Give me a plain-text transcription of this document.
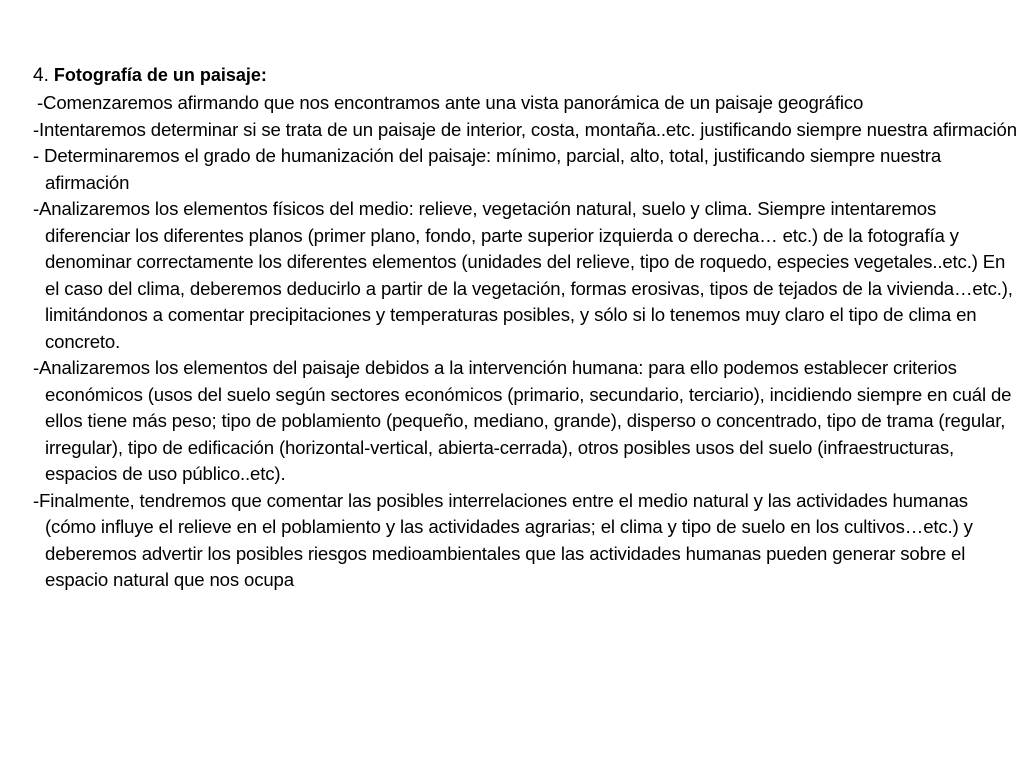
4. Fotografía de un paisaje:

-Comenzaremos afirmando que nos encontramos ante una vista panorámica de un paisaje geográfico

-Intentaremos determinar si se trata de un paisaje de interior, costa, montaña..etc. justificando siempre nuestra afirmación

- Determinaremos el grado de humanización del paisaje: mínimo, parcial, alto, total, justificando siempre nuestra afirmación

-Analizaremos los elementos físicos del medio: relieve, vegetación natural, suelo y clima. Siempre intentaremos diferenciar los diferentes planos (primer plano, fondo, parte superior izquierda o derecha… etc.) de la fotografía y denominar correctamente los diferentes elementos (unidades del relieve, tipo de roquedo, especies vegetales..etc.) En el caso del clima, deberemos deducirlo a partir de la vegetación, formas erosivas, tipos de tejados de la vivienda…etc.), limitándonos a comentar precipitaciones y temperaturas posibles, y sólo si lo tenemos muy claro el tipo de clima en concreto.

-Analizaremos los elementos del paisaje debidos a la intervención humana: para ello podemos establecer criterios económicos (usos del suelo según sectores económicos (primario, secundario, terciario), incidiendo siempre en cuál de ellos tiene más peso; tipo de poblamiento (pequeño, mediano, grande), disperso o concentrado, tipo de trama (regular, irregular), tipo de edificación (horizontal-vertical, abierta-cerrada), otros posibles usos del suelo (infraestructuras, espacios de uso público..etc).

-Finalmente, tendremos que comentar las posibles interrelaciones entre el medio natural y las actividades humanas (cómo influye el relieve en el poblamiento y las actividades agrarias; el clima y tipo de suelo en los cultivos…etc.) y deberemos advertir los posibles riesgos medioambientales que las actividades humanas pueden generar sobre el espacio natural que nos ocupa
